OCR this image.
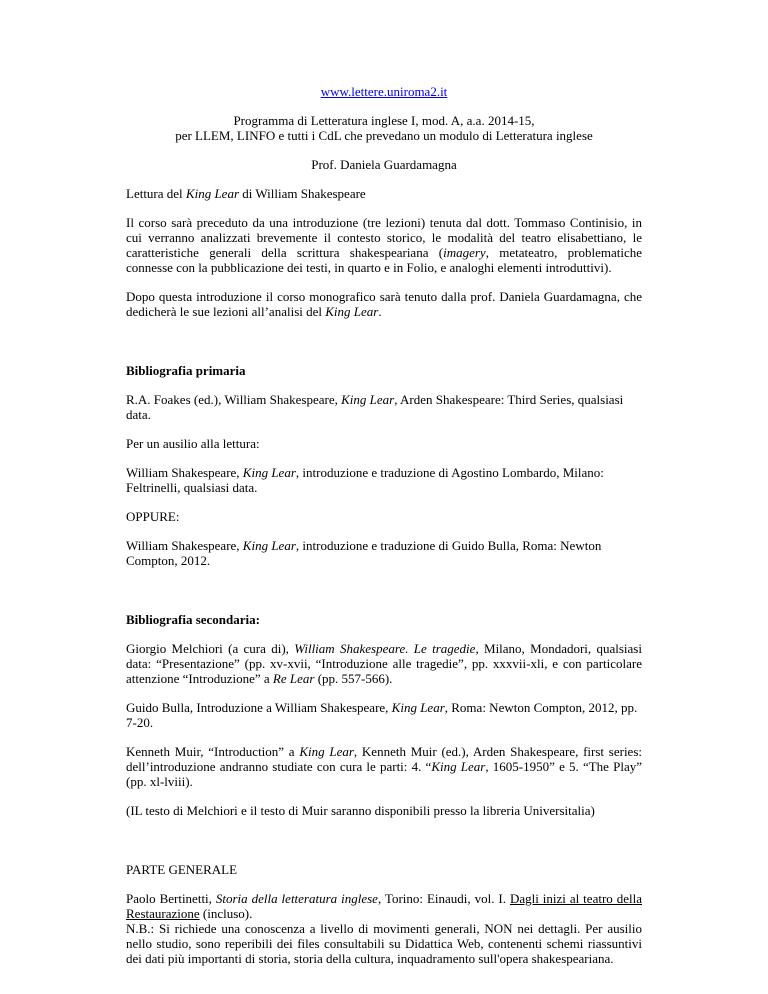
www.lettere.uniroma2.it

Programma di Letteratura inglese I, mod. A, a.a. 2014-15,

per LLEM, LINFO e tutti i CdL che prevedano un modulo di Letteratura inglese

Prof. Daniela Guardamagna

Lettura del King Lear di William Shakespeare

Il corso sarà preceduto da una introduzione (tre lezioni) tenuta dal dott. Tommaso Continisio, in cui verranno analizzati brevemente il contesto storico, le modalità del teatro elisabettiano, le caratteristiche generali della scrittura shakespeariana (imagery, metateatro, problematiche connesse con la pubblicazione dei testi, in quarto e in Folio, e analoghi elementi introduttivi).

Dopo questa introduzione il corso monografico sarà tenuto dalla prof. Daniela Guardamagna, che dedicherà le sue lezioni all’analisi del King Lear.

Bibliografia primaria

R.A. Foakes (ed.), William Shakespeare, King Lear, Arden Shakespeare: Third Series, qualsiasi data.

Per un ausilio alla lettura:

William Shakespeare, King Lear, introduzione e traduzione di Agostino Lombardo, Milano: Feltrinelli, qualsiasi data.

OPPURE:

William Shakespeare, King Lear, introduzione e traduzione di Guido Bulla, Roma: Newton Compton, 2012.

Bibliografia secondaria:

Giorgio Melchiori (a cura di), William Shakespeare. Le tragedie, Milano, Mondadori, qualsiasi data: “Presentazione” (pp. xv-xvii, “Introduzione alle tragedie”, pp. xxxvii-xli, e con particolare attenzione “Introduzione” a Re Lear (pp. 557-566).

Guido Bulla, Introduzione a William Shakespeare, King Lear, Roma: Newton Compton, 2012, pp. 7-20.

Kenneth Muir, “Introduction” a King Lear, Kenneth Muir (ed.), Arden Shakespeare, first series: dell’introduzione andranno studiate con cura le parti: 4. “King Lear, 1605-1950” e 5. “The Play” (pp. xl-lviii).

(IL testo di Melchiori e il testo di Muir saranno disponibili presso la libreria Universitalia)

PARTE GENERALE

Paolo Bertinetti, Storia della letteratura inglese, Torino: Einaudi, vol. I. Dagli inizi al teatro della Restaurazione (incluso).

N.B.: Si richiede una conoscenza a livello di movimenti generali, NON nei dettagli. Per ausilio nello studio, sono reperibili dei files consultabili su Didattica Web, contenenti schemi riassuntivi dei dati più importanti di storia, storia della cultura, inquadramento sull'opera shakespeariana.
